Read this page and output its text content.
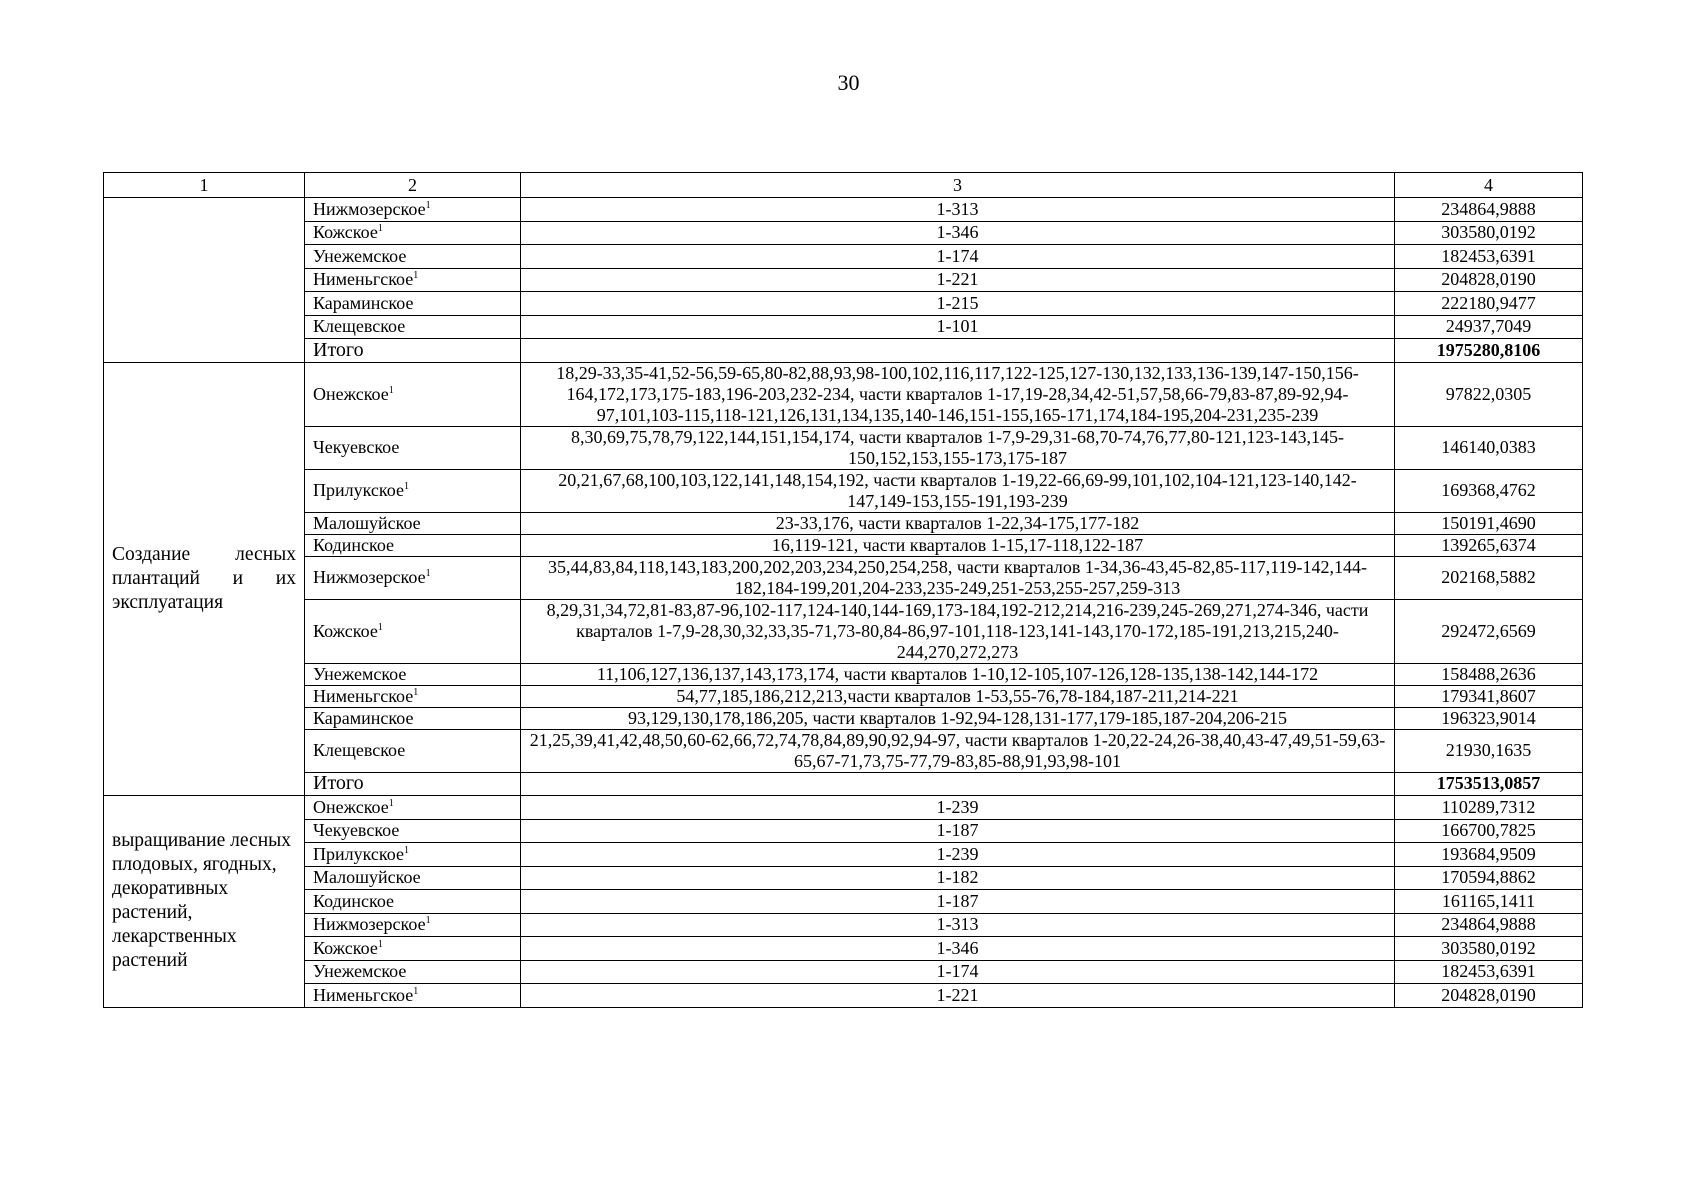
30
1	2	3	4
	Нижмозерское$^1$	1-313	234864,9888
	Кожское$^1$	1-346	303580,0192
	Унежемское	1-174	182453,6391
	Нименьгское$^1$	1-221	204828,0190
	Караминское	1-215	222180,9477
	Клещевское	1-101	24937,7049
	Итого		1975280,8106
Создание лесных плантаций и их эксплуатация	Онежское$^1$	18,29-33,35-41,52-56,59-65,80-82,88,93,98-100,102,116,117,122-125,127-130,132,133,136-139,147-150,156-164,172,173,175-183,196-203,232-234, части кварталов 1-17,19-28,34,42-51,57,58,66-79,83-87,89-92,94-97,101,103-115,118-121,126,131,134,135,140-146,151-155,165-171,174,184-195,204-231,235-239	97822,0305
	Чекуевское	8,30,69,75,78,79,122,144,151,154,174, части кварталов 1-7,9-29,31-68,70-74,76,77,80-121,123-143,145-150,152,153,155-173,175-187	146140,0383
	Прилукское$^1$	20,21,67,68,100,103,122,141,148,154,192, части кварталов 1-19,22-66,69-99,101,102,104-121,123-140,142-147,149-153,155-191,193-239	169368,4762
	Малошуйское	23-33,176, части кварталов 1-22,34-175,177-182	150191,4690
	Кодинское	16,119-121, части кварталов 1-15,17-118,122-187	139265,6374
	Нижмозерское$^1$	35,44,83,84,118,143,183,200,202,203,234,250,254,258, части кварталов 1-34,36-43,45-82,85-117,119-142,144-182,184-199,201,204-233,235-249,251-253,255-257,259-313	202168,5882
	Кожское$^1$	8,29,31,34,72,81-83,87-96,102-117,124-140,144-169,173-184,192-212,214,216-239,245-269,271,274-346, части кварталов 1-7,9-28,30,32,33,35-71,73-80,84-86,97-101,118-123,141-143,170-172,185-191,213,215,240-244,270,272,273	292472,6569
	Унежемское	11,106,127,136,137,143,173,174, части кварталов 1-10,12-105,107-126,128-135,138-142,144-172	158488,2636
	Нименьгское$^1$	54,77,185,186,212,213,части кварталов 1-53,55-76,78-184,187-211,214-221	179341,8607
	Караминское	93,129,130,178,186,205, части кварталов 1-92,94-128,131-177,179-185,187-204,206-215	196323,9014
	Клещевское	21,25,39,41,42,48,50,60-62,66,72,74,78,84,89,90,92,94-97, части кварталов 1-20,22-24,26-38,40,43-47,49,51-59,63-65,67-71,73,75-77,79-83,85-88,91,93,98-101	21930,1635
	Итого		1753513,0857
выращивание лесных плодовых, ягодных, декоративных растений, лекарственных растений	Онежское$^1$	1-239	110289,7312
	Чекуевское	1-187	166700,7825
	Прилукское$^1$	1-239	193684,9509
	Малошуйское	1-182	170594,8862
	Кодинское	1-187	161165,1411
	Нижмозерское$^1$	1-313	234864,9888
	Кожское$^1$	1-346	303580,0192
	Унежемское	1-174	182453,6391
	Нименьгское$^1$	1-221	204828,0190
